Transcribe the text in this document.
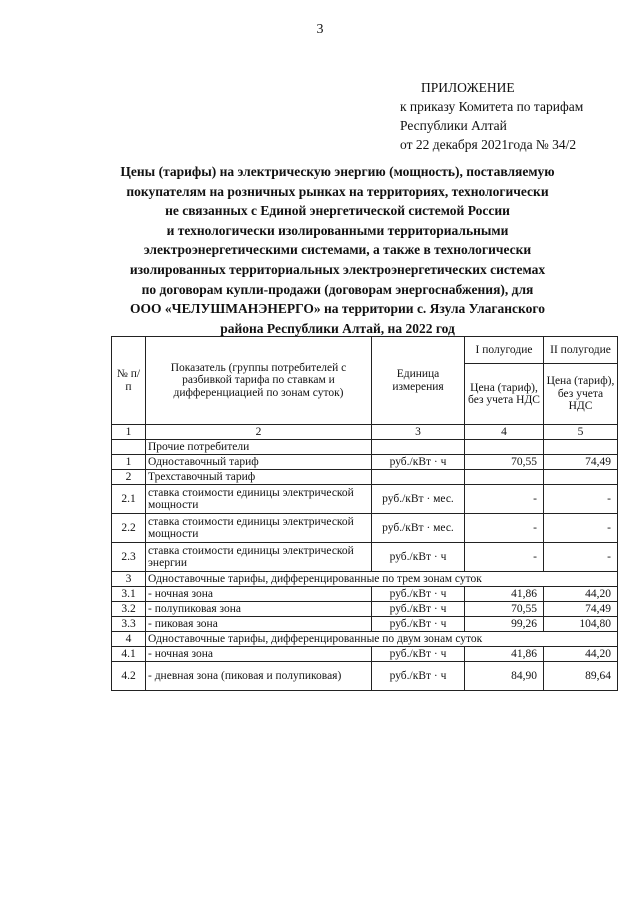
3
ПРИЛОЖЕНИЕ
к приказу Комитета по тарифам
Республики Алтай
от 22 декабря 2021года № 34/2
Цены (тарифы) на электрическую энергию (мощность), поставляемую
покупателям на розничных рынках на территориях, технологически
не связанных с Единой энергетической системой России
и технологически изолированными территориальными
электроэнергетическими системами, а также в технологически
изолированных территориальных электроэнергетических системах
по договорам купли-продажи (договорам энергоснабжения), для
ООО «ЧЕЛУШМАНЭНЕРГО» на территории с. Язула Улаганского
района Республики Алтай, на 2022 год
№ п/п	Показатель (группы потребителей с разбивкой тарифа по ставкам и дифференциацией по зонам суток)	Единица измерения	I полугодие	II полугодие
			Цена (тариф), без учета НДС	Цена (тариф), без учета НДС
1	2	3	4	5
	Прочие потребители			
1	Одноставочный тариф	руб./кВт · ч	70,55	74,49
2	Трехставочный тариф			
2.1	ставка стоимости единицы электрической мощности	руб./кВт · мес.	-	-
2.2	ставка стоимости единицы электрической мощности	руб./кВт · мес.	-	-
2.3	ставка стоимости единицы электрической энергии	руб./кВт · ч	-	-
3	Одноставочные тарифы, дифференцированные по трем зонам суток			
3.1	- ночная зона	руб./кВт · ч	41,86	44,20
3.2	- полупиковая зона	руб./кВт · ч	70,55	74,49
3.3	- пиковая зона	руб./кВт · ч	99,26	104,80
4	Одноставочные тарифы, дифференцированные по двум зонам суток			
4.1	- ночная зона	руб./кВт · ч	41,86	44,20
4.2	- дневная зона (пиковая и полупиковая)	руб./кВт · ч	84,90	89,64
